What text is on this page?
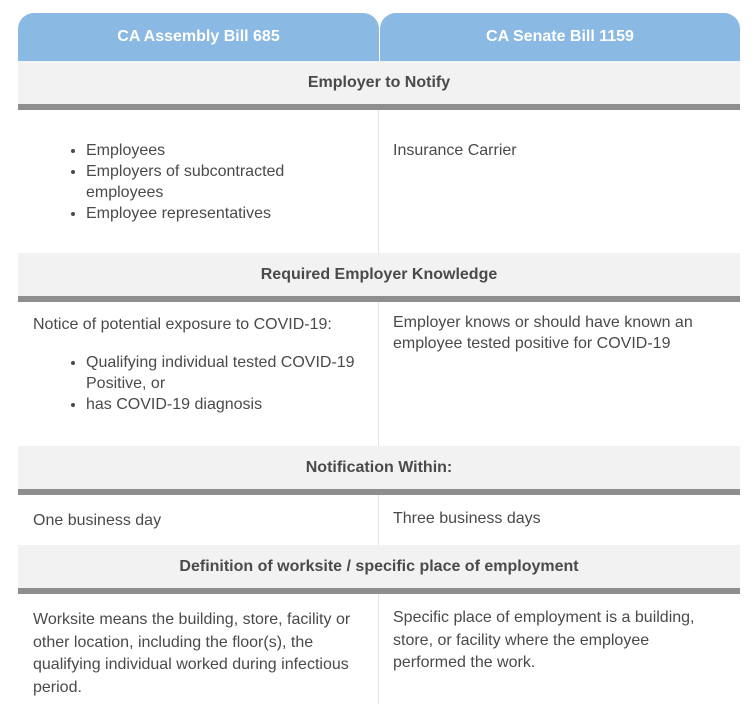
CA Assembly Bill 685	CA Senate Bill 1159
Employer to Notify
• Employees
• Employers of subcontracted employees
• Employee representatives

Insurance Carrier

Required Employer Knowledge

Notice of potential exposure to COVID-19:

• Qualifying individual tested COVID-19 Positive, or
• has COVID-19 diagnosis

Employer knows or should have known an employee tested positive for COVID-19

Notification Within:

One business day	Three business days

Definition of worksite / specific place of employment

Worksite means the building, store, facility or other location, including the floor(s), the qualifying individual worked during infectious period.

Specific place of employment is a building, store, or facility where the employee performed the work.
